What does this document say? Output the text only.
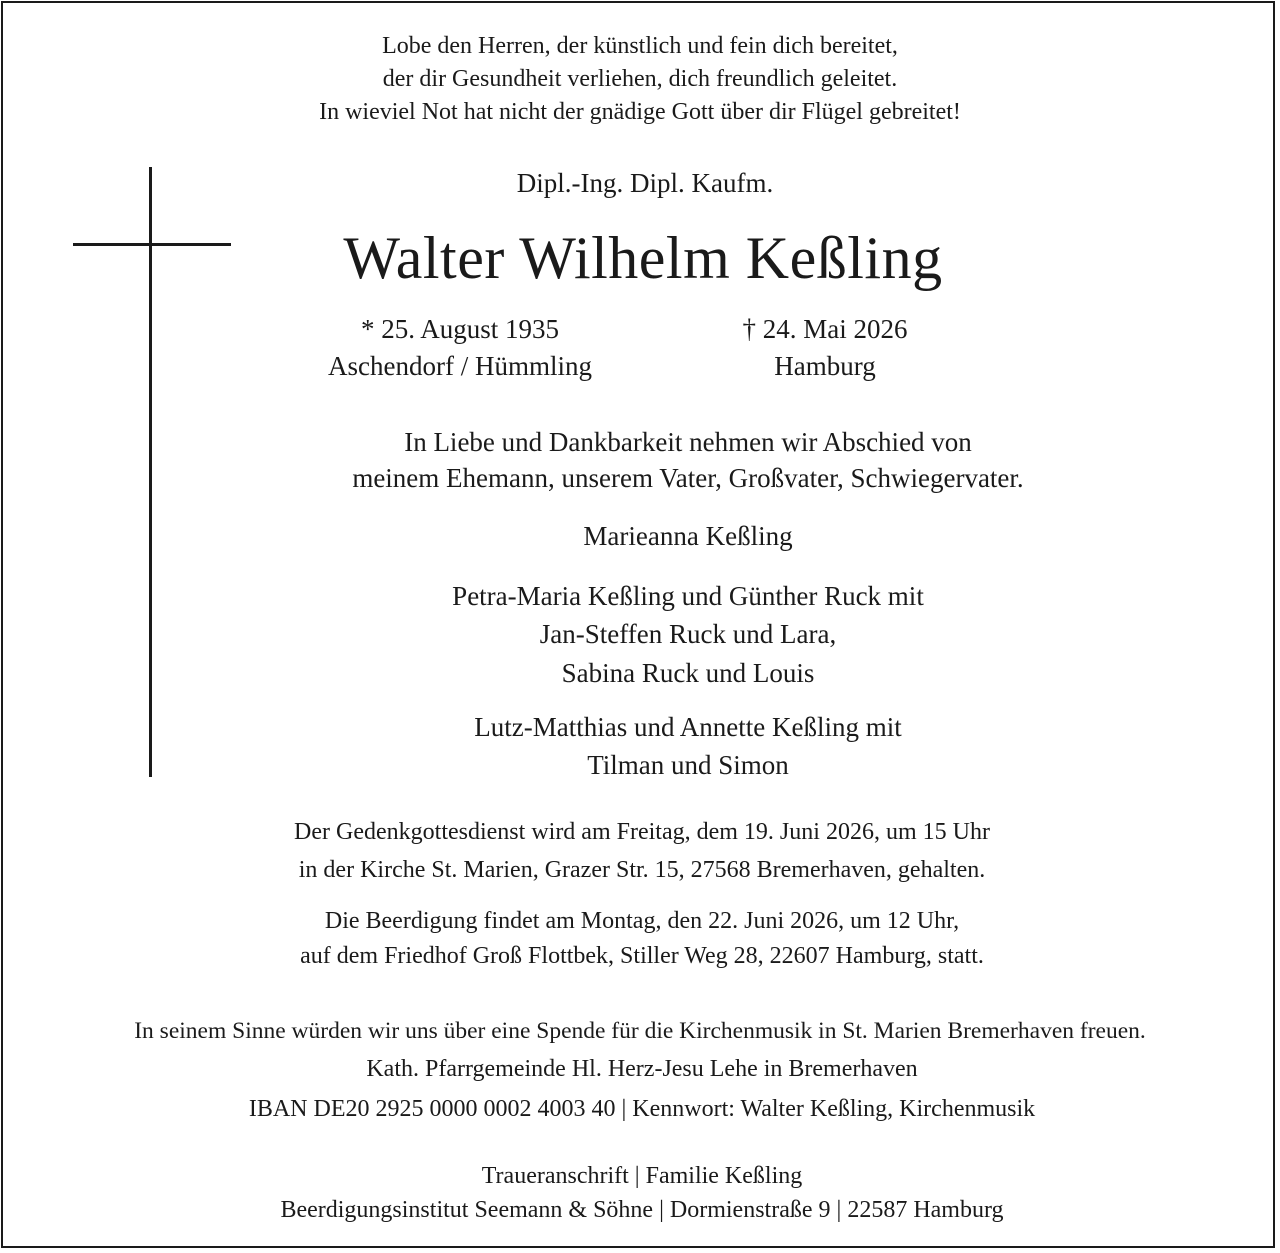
Lobe den Herren, der künstlich und fein dich bereitet,
der dir Gesundheit verliehen, dich freundlich geleitet.
In wieviel Not hat nicht der gnädige Gott über dir Flügel gebreitet!
Dipl.-Ing. Dipl. Kaufm.
Walter Wilhelm Keßling
* 25. August 1935
Aschendorf / Hümmling
† 24. Mai 2026
Hamburg
In Liebe und Dankbarkeit nehmen wir Abschied von
meinem Ehemann, unserem Vater, Großvater, Schwiegervater.
Marieanna Keßling
Petra-Maria Keßling und Günther Ruck mit
Jan-Steffen Ruck und Lara,
Sabina Ruck und Louis
Lutz-Matthias und Annette Keßling mit
Tilman und Simon
Der Gedenkgottesdienst wird am Freitag, dem 19. Juni 2026, um 15 Uhr
in der Kirche St. Marien, Grazer Str. 15, 27568 Bremerhaven, gehalten.
Die Beerdigung findet am Montag, den 22. Juni 2026, um 12 Uhr,
auf dem Friedhof Groß Flottbek, Stiller Weg 28, 22607 Hamburg, statt.
In seinem Sinne würden wir uns über eine Spende für die Kirchenmusik in St. Marien Bremerhaven freuen.
Kath. Pfarrgemeinde Hl. Herz-Jesu Lehe in Bremerhaven
IBAN DE20 2925 0000 0002 4003 40 | Kennwort: Walter Keßling, Kirchenmusik
Traueranschrift | Familie Keßling
Beerdigungsinstitut Seemann & Söhne | Dormienstraße 9 | 22587 Hamburg
